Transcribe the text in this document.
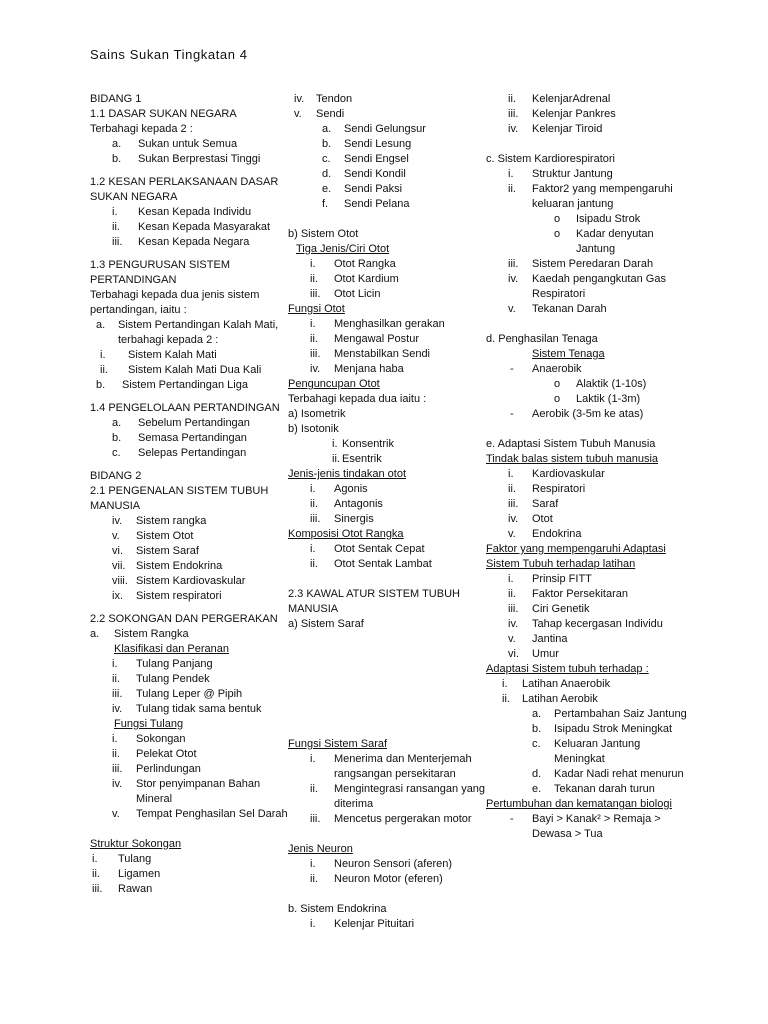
Sains Sukan Tingkatan 4
BIDANG 1
1.1 DASAR SUKAN NEGARA
Terbahagi kepada 2 :
a. Sukan untuk Semua
b. Sukan Berprestasi Tinggi
1.2 KESAN PERLAKSANAAN DASAR
SUKAN NEGARA
i. Kesan Kepada Individu
ii. Kesan Kepada Masyarakat
iii. Kesan Kepada Negara
1.3 PENGURUSAN SISTEM
PERTANDINGAN
Terbahagi kepada dua jenis sistem
pertandingan, iaitu :
a. Sistem Pertandingan Kalah Mati,
terbahagi kepada 2 :
i. Sistem Kalah Mati
ii. Sistem Kalah Mati Dua Kali
b. Sistem Pertandingan Liga
1.4 PENGELOLAAN PERTANDINGAN
a. Sebelum Pertandingan
b. Semasa Pertandingan
c. Selepas Pertandingan
BIDANG 2
2.1 PENGENALAN SISTEM TUBUH
MANUSIA
iv. Sistem rangka
v. Sistem Otot
vi. Sistem Saraf
vii. Sistem Endokrina
viii. Sistem Kardiovaskular
ix. Sistem respiratori
2.2 SOKONGAN DAN PERGERAKAN
a. Sistem Rangka
Klasifikasi dan Peranan
i. Tulang Panjang
ii. Tulang Pendek
iii. Tulang Leper @ Pipih
iv. Tulang tidak sama bentuk
Fungsi Tulang
i. Sokongan
ii. Pelekat Otot
iii. Perlindungan
iv. Stor penyimpanan Bahan
Mineral
v. Tempat Penghasilan Sel Darah
Struktur Sokongan
i. Tulang
ii. Ligamen
iii. Rawan
iv. Tendon
v. Sendi
a. Sendi Gelungsur
b. Sendi Lesung
c. Sendi Engsel
d. Sendi Kondil
e. Sendi Paksi
f. Sendi Pelana
b) Sistem Otot
Tiga Jenis/Ciri Otot
i. Otot Rangka
ii. Otot Kardium
iii. Otot Licin
Fungsi Otot
i. Menghasilkan gerakan
ii. Mengawal Postur
iii. Menstabilkan Sendi
iv. Menjana haba
Penguncupan Otot
Terbahagi kepada dua iaitu :
a) Isometrik
b) Isotonik
i. Konsentrik
ii. Esentrik
Jenis-jenis tindakan otot
i. Agonis
ii. Antagonis
iii. Sinergis
Komposisi Otot Rangka
i. Otot Sentak Cepat
ii. Otot Sentak Lambat
2.3 KAWAL ATUR SISTEM TUBUH
MANUSIA
a) Sistem Saraf
Fungsi Sistem Saraf
i. Menerima dan Menterjemah
rangsangan persekitaran
ii. Mengintegrasi ransangan yang
diterima
iii. Mencetus pergerakan motor
Jenis Neuron
i. Neuron Sensori (aferen)
ii. Neuron Motor (eferen)
b. Sistem Endokrina
i. Kelenjar Pituitari
ii. KelenjarAdrenal
iii. Kelenjar Pankres
iv. Kelenjar Tiroid
c. Sistem Kardiorespiratori
i. Struktur Jantung
ii. Faktor2 yang mempengaruhi
keluaran jantung
o Isipadu Strok
o Kadar denyutan
Jantung
iii. Sistem Peredaran Darah
iv. Kaedah pengangkutan Gas
Respiratori
v. Tekanan Darah
d. Penghasilan Tenaga
Sistem Tenaga
- Anaerobik
o Alaktik (1-10s)
o Laktik (1-3m)
- Aerobik (3-5m ke atas)
e. Adaptasi Sistem Tubuh Manusia
Tindak balas sistem tubuh manusia
i. Kardiovaskular
ii. Respiratori
iii. Saraf
iv. Otot
v. Endokrina
Faktor yang mempengaruhi Adaptasi
Sistem Tubuh terhadap latihan
i. Prinsip FITT
ii. Faktor Persekitaran
iii. Ciri Genetik
iv. Tahap kecergasan Individu
v. Jantina
vi. Umur
Adaptasi Sistem tubuh terhadap :
i. Latihan Anaerobik
ii. Latihan Aerobik
a. Pertambahan Saiz Jantung
b. Isipadu Strok Meningkat
c. Keluaran Jantung
Meningkat
d. Kadar Nadi rehat menurun
e. Tekanan darah turun
Pertumbuhan dan kematangan biologi
- Bayi > Kanak² > Remaja >
Dewasa > Tua
